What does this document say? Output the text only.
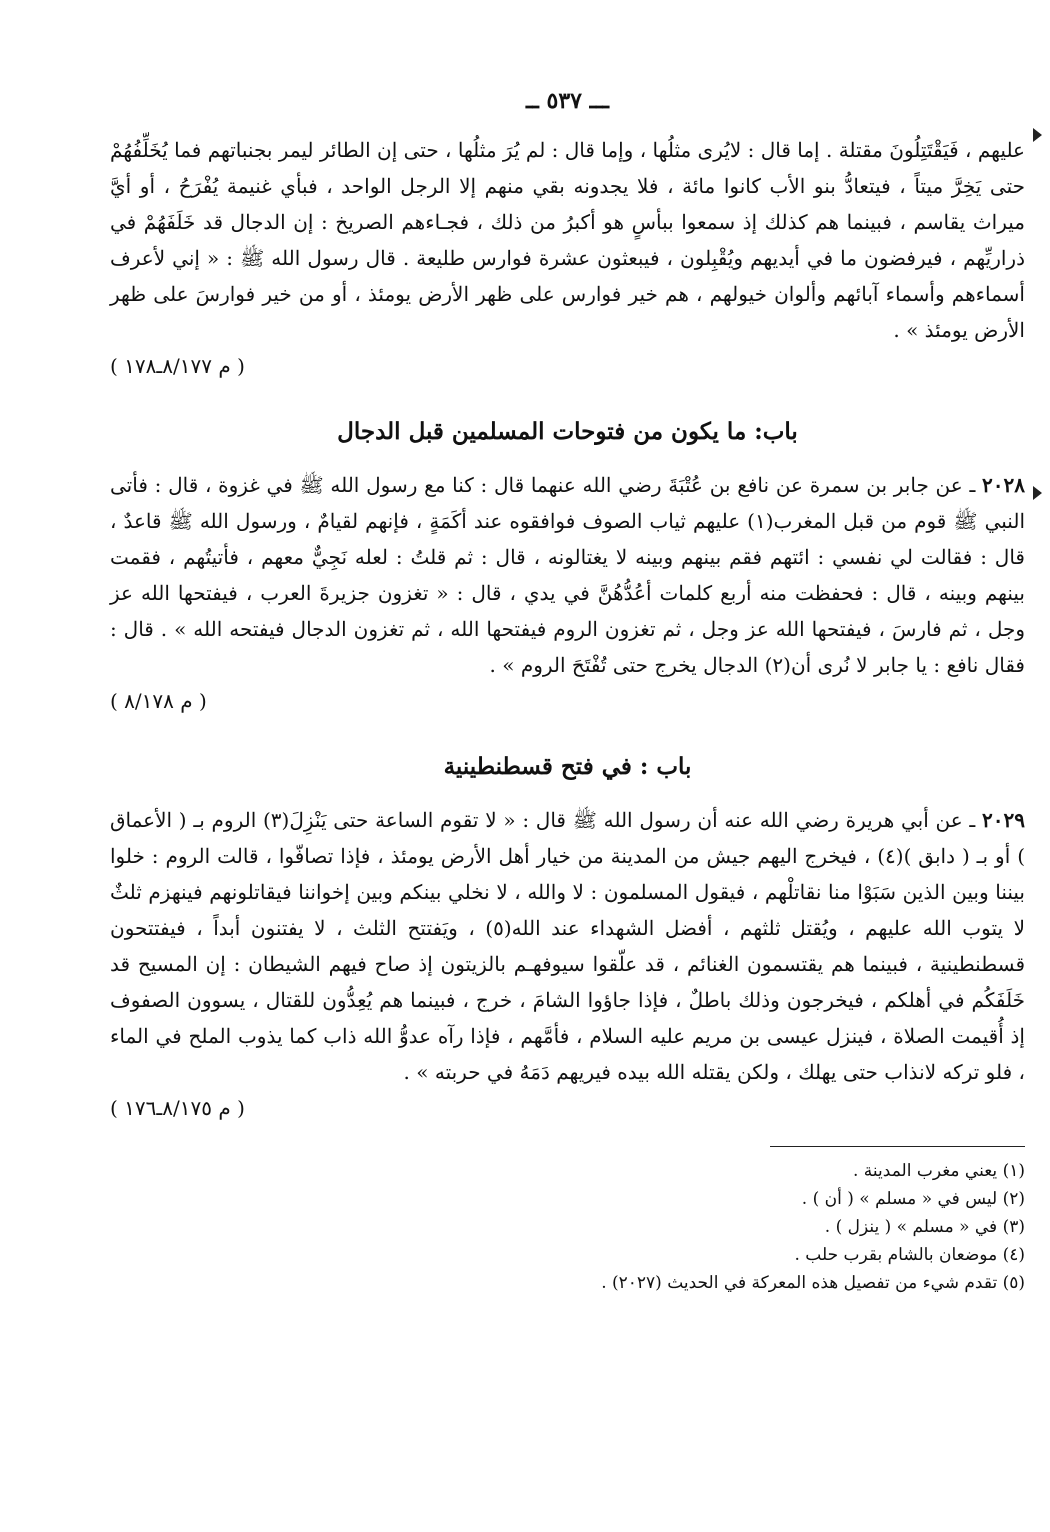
ـــ ٥٣٧ ــ

عليهم ، فَيَقْتَتِلُونَ مقتلة . إما قال : لايُرى مثلُها ، وإما قال : لم يُرَ مثلُها ، حتى إن الطائر ليمر بجنباتهم فما يُخَلِّفُهُمْ حتى يَخِرَّ ميتاً ، فيتعادُّ بنو الأب كانوا مائة ، فلا يجدونه بقي منهم إلا الرجل الواحد ، فبأي غنيمة يُفْرَحُ ، أو أيَّ ميراث يقاسم ، فبينما هم كذلك إذ سمعوا ببأسٍ هو أكبرُ من ذلك ، فجـاءهم الصريخ : إن الدجال قد خَلَفَهُمْ في ذراريِّهم ، فيرفضون ما في أيديهم ويُقْبِلون ، فيبعثون عشرة فوارس طليعة . قال رسول الله ﷺ : « إني لأعرف أسماءهم وأسماء آبائهم وألوان خيولهم ، هم خير فوارس على ظهر الأرض يومئذ ، أو من خير فوارسَ على ظهر الأرض يومئذ » .
( م ٨/١٧٧ـ١٧٨ )

باب: ما يكون من فتوحات المسلمين قبل الدجال

٢٠٢٨ ـ عن جابر بن سمرة عن نافع بن عُتْبَةَ رضي الله عنهما قال : كنا مع رسول الله ﷺ في غزوة ، قال : فأتى النبي ﷺ قوم من قبل المغرب(١) عليهم ثياب الصوف فوافقوه عند أكَمَةٍ ، فإنهم لقيامٌ ، ورسول الله ﷺ قاعدٌ ، قال : فقالت لي نفسي : ائتهم فقم بينهم وبينه لا يغتالونه ، قال : ثم قلتُ : لعله نَجِيٌّ معهم ، فأتيتُهم ، فقمت بينهم وبينه ، قال : فحفظت منه أربع كلمات أعُدُّهُنَّ في يدي ، قال : « تغزون جزيرةَ العرب ، فيفتحها الله عز وجل ، ثم فارسَ ، فيفتحها الله عز وجل ، ثم تغزون الروم فيفتحها الله ، ثم تغزون الدجال فيفتحه الله » . قال : فقال نافع : يا جابر لا نُرى أن(٢) الدجال يخرج حتى تُفْتَحَ الروم » .
( م ٨/١٧٨ )

باب : في فتح قسطنطينية

٢٠٢٩ ـ عن أبي هريرة رضي الله عنه أن رسول الله ﷺ قال : « لا تقوم الساعة حتى يَنْزِلَ(٣) الروم بـ ( الأعماق ) أو بـ ( دابق )(٤) ، فيخرج اليهم جيش من المدينة من خيار أهل الأرض يومئذ ، فإذا تصافّوا ، قالت الروم : خلوا بيننا وبين الذين سَبَوْا منا نقاتلْهم ، فيقول المسلمون : لا والله ، لا نخلي بينكم وبين إخواننا فيقاتلونهم فينهزم ثلثٌ لا يتوب الله عليهم ، ويُقتل ثلثهم ، أفضل الشهداء عند الله(٥) ، ويَفتتح الثلث ، لا يفتنون أبداً ، فيفتتحون قسطنطينية ، فبينما هم يقتسمون الغنائم ، قد علّقوا سيوفهـم بالزيتون إذ صاح فيهم الشيطان : إن المسيح قد خَلَفَكُم في أهلكم ، فيخرجون وذلك باطلٌ ، فإذا جاؤوا الشامَ ، خرج ، فبينما هم يُعِدُّون للقتال ، يسوون الصفوف إذ أُقيمت الصلاة ، فينزل عيسى بن مريم عليه السلام ، فأمَّهم ، فإذا رآه عدوُّ الله ذاب كما يذوب الملح في الماء ، فلو تركه لانذاب حتى يهلك ، ولكن يقتله الله بيده فيريهم دَمَهُ في حربته » .
( م ٨/١٧٥ـ١٧٦ )

(١) يعني مغرب المدينة .

(٢) ليس في « مسلم » ( أن ) .

(٣) في « مسلم » ( ينزل ) .

(٤) موضعان بالشام بقرب حلب .

(٥) تقدم شيء من تفصيل هذه المعركة في الحديث (٢٠٢٧) .
